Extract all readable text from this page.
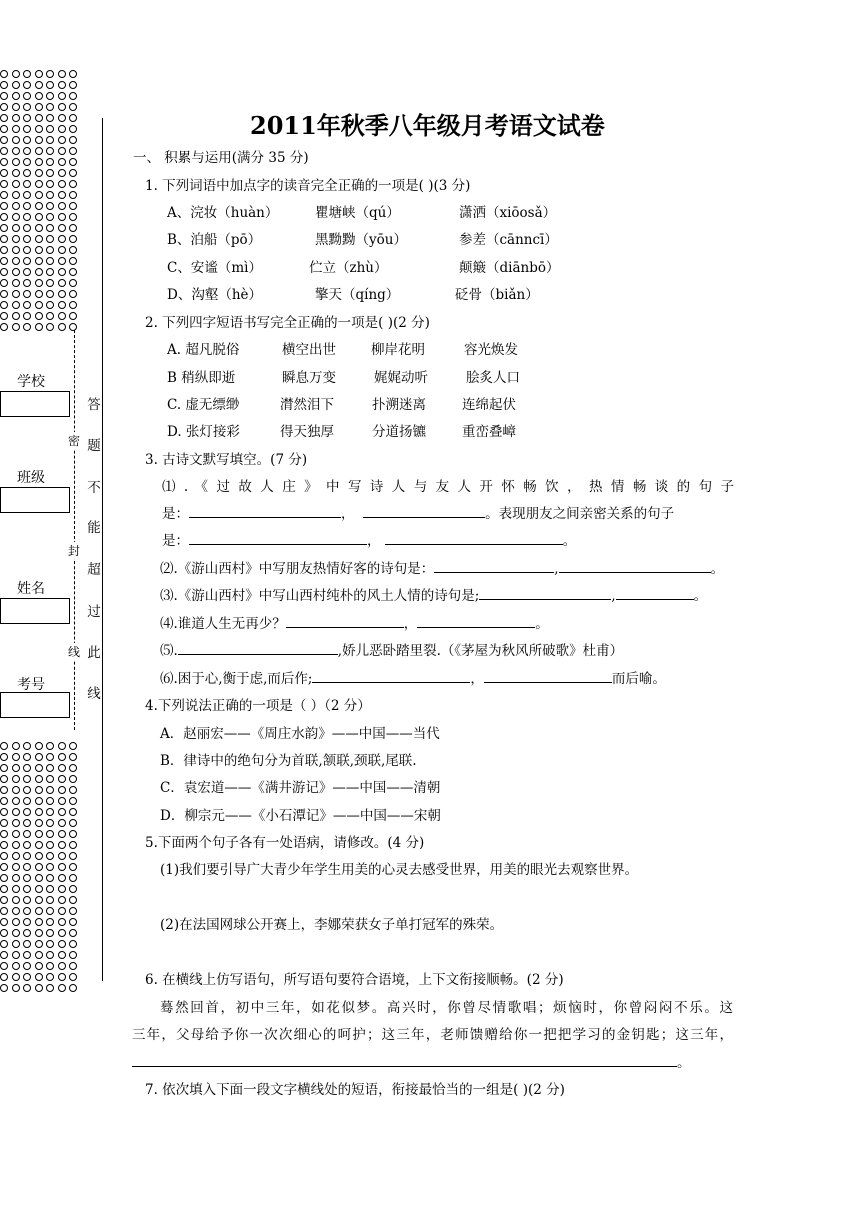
学校
班级
姓名
考号
答
题
不
能
超
过
此
线
密
封
线
2011年秋季八年级月考语文试卷
一、 积累与运用(满分 35 分)
1. 下列词语中加点字的读音完全正确的一项是( )(3 分)
A、浣妆（huàn）	瞿塘峡（qú）	潇洒（xiōosǎ）
B、泊船（pō）	黑黝黝（yōu）	参差（cānncī）
C、安谧（mì）	伫立（zhù）	颠簸（diānbō）
D、沟壑（hè）	擎天（qíng）	砭骨（biǎn）
2. 下列四字短语书写完全正确的一项是( )(2 分)
A. 超凡脱俗	横空出世	柳岸花明	容光焕发
B 稍纵即逝	瞬息万变	娓娓动听	脍炙人口
C. 虚无缥缈	潸然泪下	扑溯迷离	连绵起伏
D. 张灯接彩	得天独厚	分道扬镳	重峦叠嶂
3. 古诗文默写填空。(7 分)
⑴ . 《 过 故 人 庄 》 中 写 诗 人 与 友 人 开 怀 畅 饮 ， 热 情 畅 谈 的 句 子
是：	，	。表现朋友之间亲密关系的句子
是：	，	。
⑵.《游山西村》中写朋友热情好客的诗句是：	,	。
⑶.《游山西村》中写山西村纯朴的风土人情的诗句是;	,	。
⑷.谁道人生无再少？	，	。
⑸.	,娇儿恶卧踏里裂.（《茅屋为秋风所破歌》杜甫）
⑹.困于心,衡于虑,而后作;	，	而后喻。
4.下列说法正确的一项是（ ）（2 分）
A．赵丽宏——《周庄水韵》——中国——当代
B．律诗中的绝句分为首联,颔联,颈联,尾联.
C．袁宏道——《满井游记》——中国——清朝
D．柳宗元——《小石潭记》——中国——宋朝
5.下面两个句子各有一处语病，请修改。(4 分)
(1)我们要引导广大青少年学生用美的心灵去感受世界，用美的眼光去观察世界。
(2)在法国网球公开赛上，李娜荣获女子单打冠军的殊荣。
6. 在横线上仿写语句，所写语句要符合语境，上下文衔接顺畅。(2 分)
蓦然回首，初中三年，如花似梦。高兴时，你曾尽情歌唱；烦恼时，你曾闷闷不乐。这
三年，父母给予你一次次细心的呵护；这三年，老师馈赠给你一把把学习的金钥匙；这三年，
。
7. 依次填入下面一段文字横线处的短语，衔接最恰当的一组是( )(2 分)
